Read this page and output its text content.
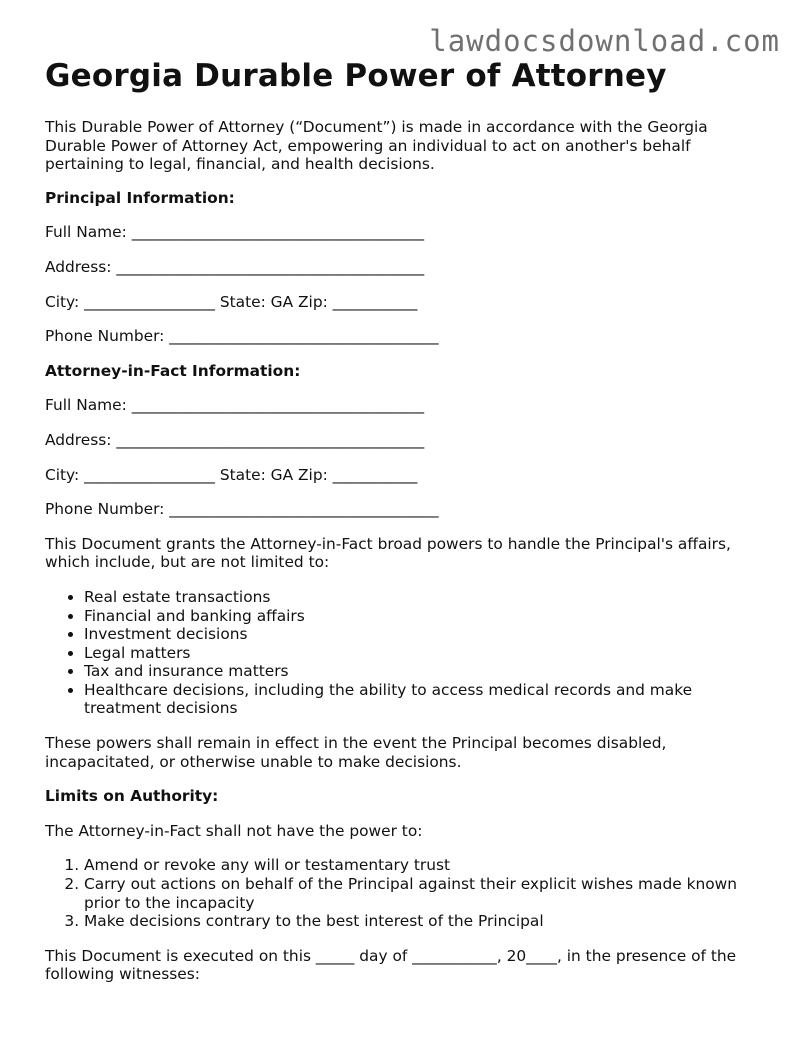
lawdocsdownload.com
Georgia Durable Power of Attorney

This Durable Power of Attorney (“Document”) is made in accordance with the Georgia Durable Power of Attorney Act, empowering an individual to act on another's behalf pertaining to legal, financial, and health decisions.

Principal Information:

Full Name: ______________________________________

Address: ________________________________________

City: _________________ State: GA Zip: ___________

Phone Number: ___________________________________

Attorney-in-Fact Information:

Full Name: ______________________________________

Address: ________________________________________

City: _________________ State: GA Zip: ___________

Phone Number: ___________________________________

This Document grants the Attorney-in-Fact broad powers to handle the Principal's affairs, which include, but are not limited to:

• Real estate transactions
• Financial and banking affairs
• Investment decisions
• Legal matters
• Tax and insurance matters
• Healthcare decisions, including the ability to access medical records and make treatment decisions

These powers shall remain in effect in the event the Principal becomes disabled, incapacitated, or otherwise unable to make decisions.

Limits on Authority:

The Attorney-in-Fact shall not have the power to:

1. Amend or revoke any will or testamentary trust
2. Carry out actions on behalf of the Principal against their explicit wishes made known prior to the incapacity
3. Make decisions contrary to the best interest of the Principal

This Document is executed on this _____ day of ___________, 20____, in the presence of the following witnesses:
